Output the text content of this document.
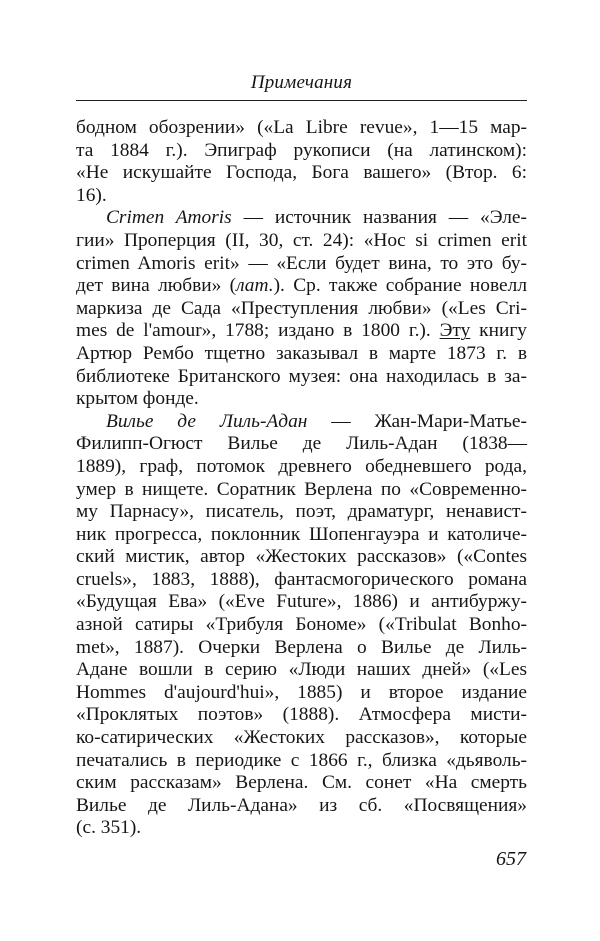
Примечания
бодном обозрении» («La Libre revue», 1—15 мар-
та 1884 г.). Эпиграф рукописи (на латинском):
«Не искушайте Господа, Бога вашего» (Втор. 6:
16).
Crimen Amoris — источник названия — «Эле-
гии» Проперция (II, 30, ст. 24): «Hoc si crimen erit
crimen Amoris erit» — «Если будет вина, то это бу-
дет вина любви» (лат.). Ср. также собрание новелл
маркиза де Сада «Преступления любви» («Les Cri-
mes de l'amour», 1788; издано в 1800 г.). Эту книгу
Артюр Рембо тщетно заказывал в марте 1873 г. в
библиотеке Британского музея: она находилась в за-
крытом фонде.
Вилье де Лиль-Адан — Жан-Мари-Матье-
Филипп-Огюст Вилье де Лиль-Адан (1838—
1889), граф, потомок древнего обедневшего рода,
умер в нищете. Соратник Верлена по «Современно-
му Парнасу», писатель, поэт, драматург, ненавист-
ник прогресса, поклонник Шопенгауэра и католиче-
ский мистик, автор «Жестоких рассказов» («Contes
cruels», 1883, 1888), фантасмогорического романа
«Будущая Ева» («Eve Future», 1886) и антибуржу-
азной сатиры «Трибуля Бономе» («Tribulat Bonho-
met», 1887). Очерки Верлена о Вилье де Лиль-
Адане вошли в серию «Люди наших дней» («Les
Hommes d'aujourd'hui», 1885) и второе издание
«Проклятых поэтов» (1888). Атмосфера мисти-
ко-сатирических «Жестоких рассказов», которые
печатались в периодике с 1866 г., близка «дьяволь-
ским рассказам» Верлена. См. сонет «На смерть
Вилье де Лиль-Адана» из сб. «Посвящения»
(с. 351).
657
